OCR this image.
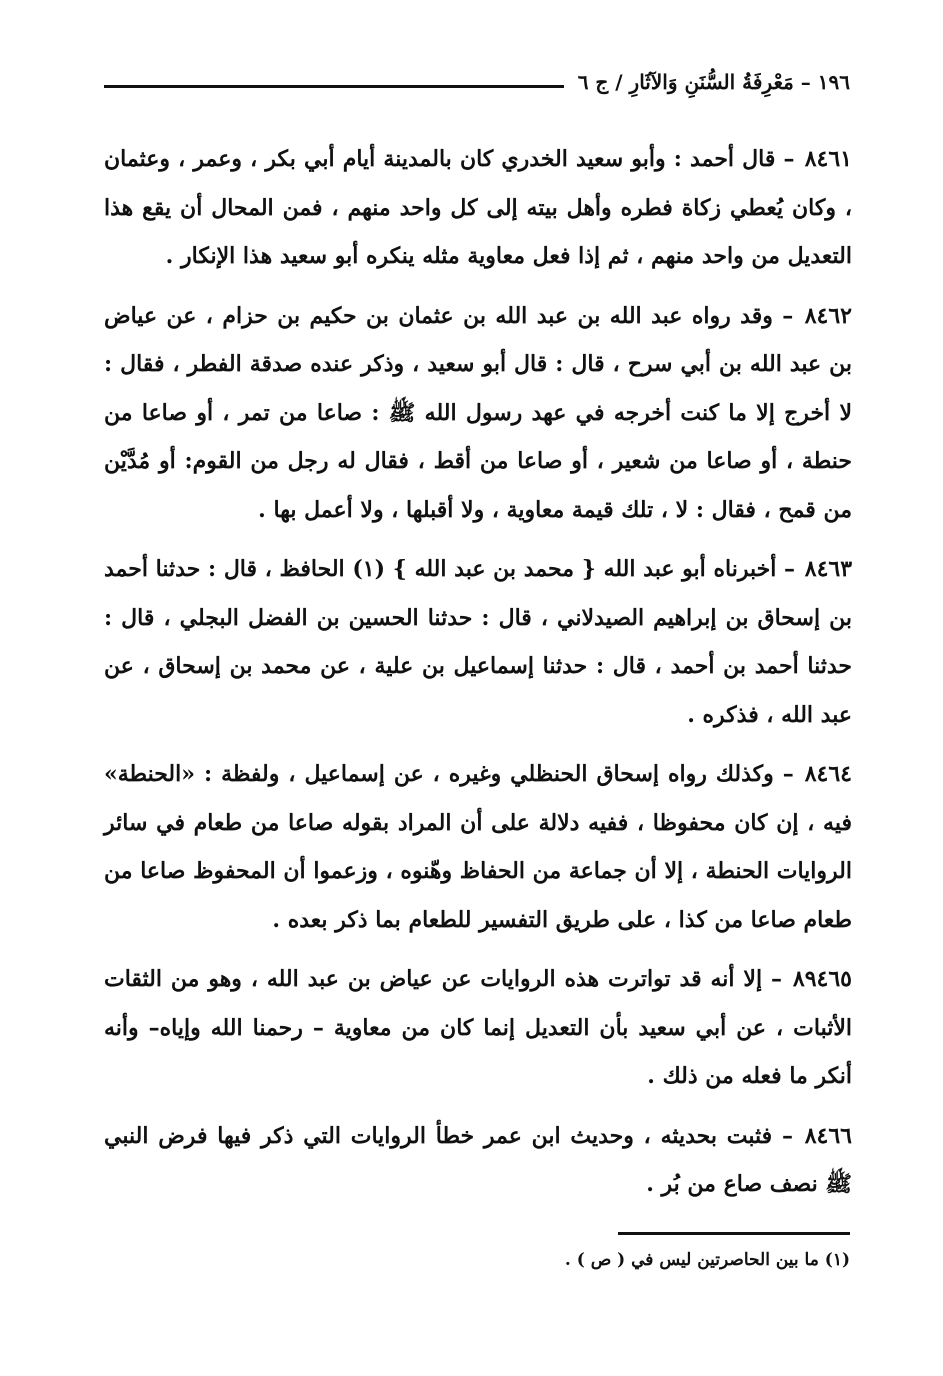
١٩٦ – مَعْرِفَةُ السُّنَنِ وَالآثَارِ / ج ٦

٨٤٦١ – قال أحمد : وأبو سعيد الخدري كان بالمدينة أيام أبي بكر ، وعمر ، وعثمان ، وكان يُعطي زكاة فطره وأهل بيته إلى كل واحد منهم ، فمن المحال أن يقع هذا التعديل من واحد منهم ، ثم إذا فعل معاوية مثله ينكره أبو سعيد هذا الإنكار .

٨٤٦٢ – وقد رواه عبد الله بن عبد الله بن عثمان بن حكيم بن حزام ، عن عياض بن عبد الله بن أبي سرح ، قال : قال أبو سعيد ، وذكر عنده صدقة الفطر ، فقال : لا أخرج إلا ما كنت أخرجه في عهد رسول الله ﷺ : صاعا من تمر ، أو صاعا من حنطة ، أو صاعا من شعير ، أو صاعا من أقط ، فقال له رجل من القوم: أو مُدَّيْن من قمح ، فقال : لا ، تلك قيمة معاوية ، ولا أقبلها ، ولا أعمل بها .

٨٤٦٣ – أخبرناه أبو عبد الله { محمد بن عبد الله } (١) الحافظ ، قال : حدثنا أحمد بن إسحاق بن إبراهيم الصيدلاني ، قال : حدثنا الحسين بن الفضل البجلي ، قال : حدثنا أحمد بن أحمد ، قال : حدثنا إسماعيل بن علية ، عن محمد بن إسحاق ، عن عبد الله ، فذكره .

٨٤٦٤ – وكذلك رواه إسحاق الحنظلي وغيره ، عن إسماعيل ، ولفظة : «الحنطة» فيه ، إن كان محفوظا ، ففيه دلالة على أن المراد بقوله صاعا من طعام في سائر الروايات الحنطة ، إلا أن جماعة من الحفاظ وهّنوه ، وزعموا أن المحفوظ صاعا من طعام صاعا من كذا ، على طريق التفسير للطعام بما ذكر بعده .

٨٩٤٦٥ – إلا أنه قد تواترت هذه الروايات عن عياض بن عبد الله ، وهو من الثقات الأثبات ، عن أبي سعيد بأن التعديل إنما كان من معاوية – رحمنا الله وإياه– وأنه أنكر ما فعله من ذلك .

٨٤٦٦ – فثبت بحديثه ، وحديث ابن عمر خطأ الروايات التي ذكر فيها فرض النبي ﷺ نصف صاع من بُر .

(١) ما بين الحاصرتين ليس في ( ص ) .
